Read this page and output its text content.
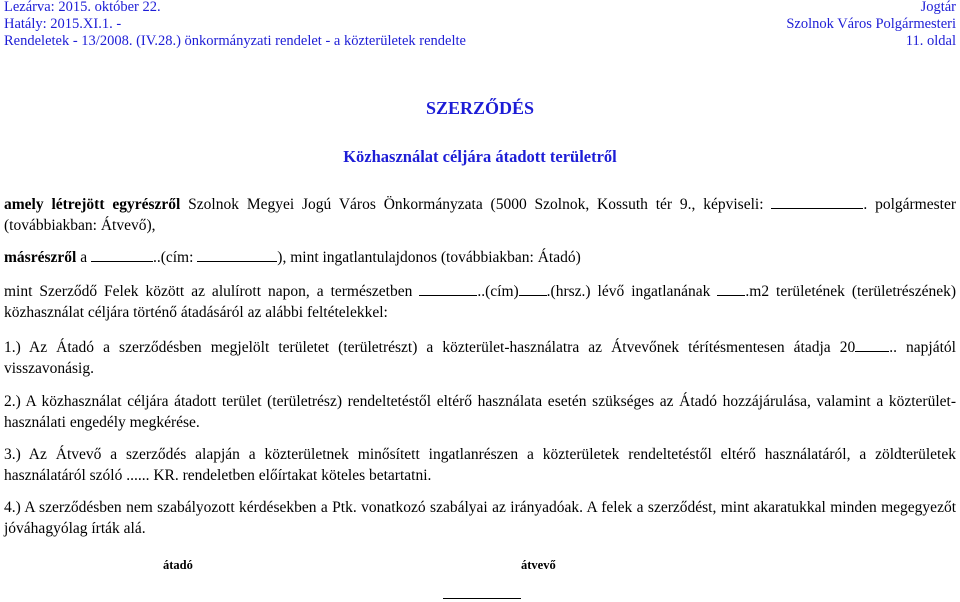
Lezárva: 2015. október 22.
Hatály: 2015.XI.1. -
Rendeletek - 13/2008. (IV.28.) önkormányzati rendelet - a közterületek rendelte
Jogtár
Szolnok Város Polgármesteri
11. oldal
SZERZŐDÉS
Közhasználat céljára átadott területről
amely létrejött egyrészről Szolnok Megyei Jogú Város Önkormányzata (5000 Szolnok, Kossuth tér 9., képviseli:	. polgármester (továbbiakban: Átvevő),
másrészről a	..(cím:	), mint ingatlantulajdonos (továbbiakban: Átadó)
mint Szerződő Felek között az alulírott napon, a természetben	..(cím) .(hrsz.) lévő ingatlanának .m2 területének (területrészének) közhasználat céljára történő átadásáról az alábbi feltételekkel:
1.) Az Átadó a szerződésben megjelölt területet (területrészt) a közterület-használatra az Átvevőnek térítésmentesen átadja 20 .. napjától visszavonásig.
2.) A közhasználat céljára átadott terület (területrész) rendeltetéstől eltérő használata esetén szükséges az Átadó hozzájárulása, valamint a közterület-használati engedély megkérése.
3.) Az Átvevő a szerződés alapján a közterületnek minősített ingatlanrészen a közterületek rendeltetéstől eltérő használatáról, a zöldterületek használatáról szóló ...... KR. rendeletben előírtakat köteles betartatni.
4.) A szerződésben nem szabályozott kérdésekben a Ptk. vonatkozó szabályai az irányadóak. A felek a szerződést, mint akaratukkal minden megegyezőt jóváhagyólag írták alá.
átadó	átvevő
